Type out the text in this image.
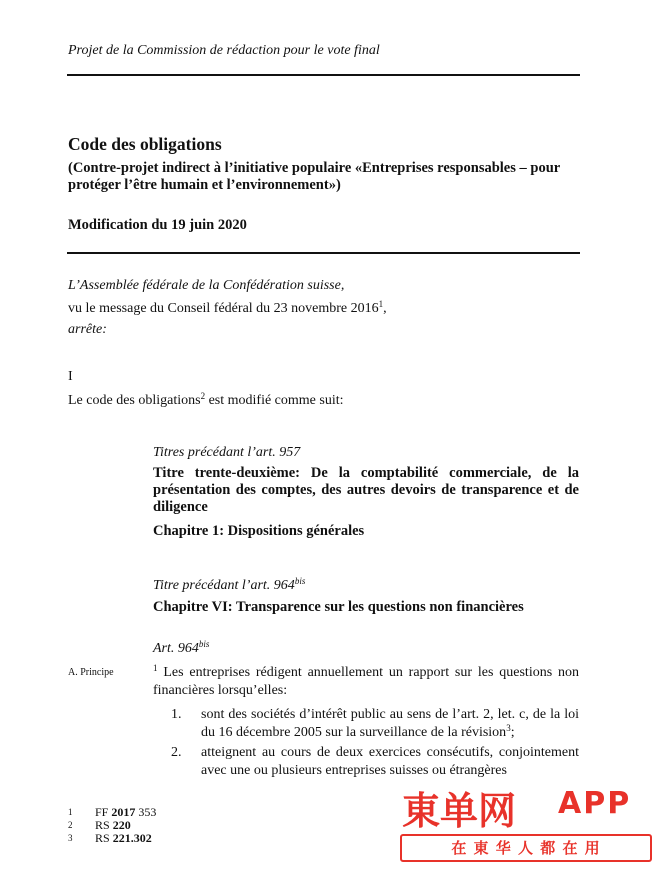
Projet de la Commission de rédaction pour le vote final
Code des obligations
(Contre-projet indirect à l’initiative populaire «Entreprises responsables – pour protéger l’être humain et l’environnement»)
Modification du 19 juin 2020
L’Assemblée fédérale de la Confédération suisse,
vu le message du Conseil fédéral du 23 novembre 2016$^1$,
arrête:
I
Le code des obligations$^2$ est modifié comme suit:
Titres précédant l’art. 957
Titre trente-deuxième: De la comptabilité commerciale, de la présentation des comptes, des autres devoirs de transparence et de diligence
Chapitre 1: Dispositions générales
Titre précédant l’art. $964^{bis}$
Chapitre VI: Transparence sur les questions non financières
Art. $964^{bis}$
A. Principe	$^1$ Les entreprises rédigent annuellement un rapport sur les questions non financières lorsqu’elles:
1. sont des sociétés d’intérêt public au sens de l’art. 2, let. c, de la loi du 16 décembre 2005 sur la surveillance de la révision$^3$;
2. atteignent au cours de deux exercices consécutifs, conjointement avec une ou plusieurs entreprises suisses ou étrangères
1 FF 2017 353
2 RS 220
3 RS 221.302
東单网 APP
在 東 华 人 都 在 用
